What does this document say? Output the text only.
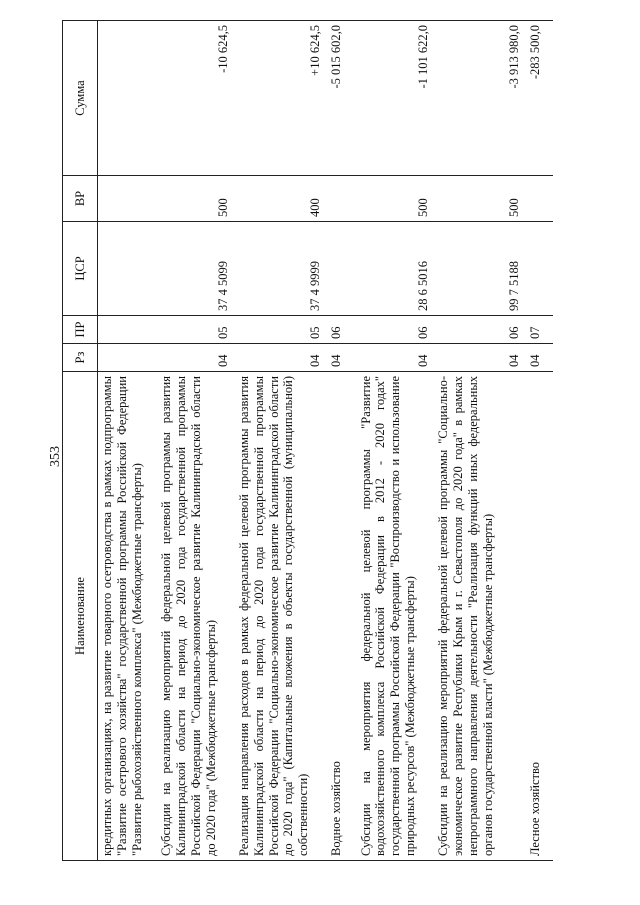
353
Наименование	Рз	ПР	ЦСР	ВР	Сумма
кредитных организациях, на развитие товарного осетроводства в рамках подпрограммы "Развитие осетрового хозяйства" государственной программы Российской Федерации "Развитие рыбохозяйственного комплекса" (Межбюджетные трансферты)					
Субсидии на реализацию мероприятий федеральной целевой программы развития Калининградской области на период до 2020 года государственной программы Российской Федерации "Социально-экономическое развитие Калининградской области до 2020 года" (Межбюджетные трансферты)	04	05	37 4 5099	500	-10 624,5
Реализация направления расходов в рамках федеральной целевой программы развития Калининградской области на период до 2020 года государственной программы Российской Федерации "Социально-экономическое развитие Калининградской области до 2020 года" (Капитальные вложения в объекты государственной (муниципальной) собственности)	04	05	37 4 9999	400	+10 624,5
Водное хозяйство	04	06			-5 015 602,0
Субсидии на мероприятия федеральной целевой программы "Развитие водохозяйственного комплекса Российской Федерации в 2012 - 2020 годах" государственной программы Российской Федерации "Воспроизводство и использование природных ресурсов" (Межбюджетные трансферты)	04	06	28 6 5016	500	-1 101 622,0
Субсидии на реализацию мероприятий федеральной целевой программы "Социально-экономическое развитие Республики Крым и г. Севастополя до 2020 года" в рамках непрограммного направления деятельности "Реализация функций иных федеральных органов государственной власти" (Межбюджетные трансферты)	04	06	99 7 5188	500	-3 913 980,0
Лесное хозяйство	04	07			-283 500,0
